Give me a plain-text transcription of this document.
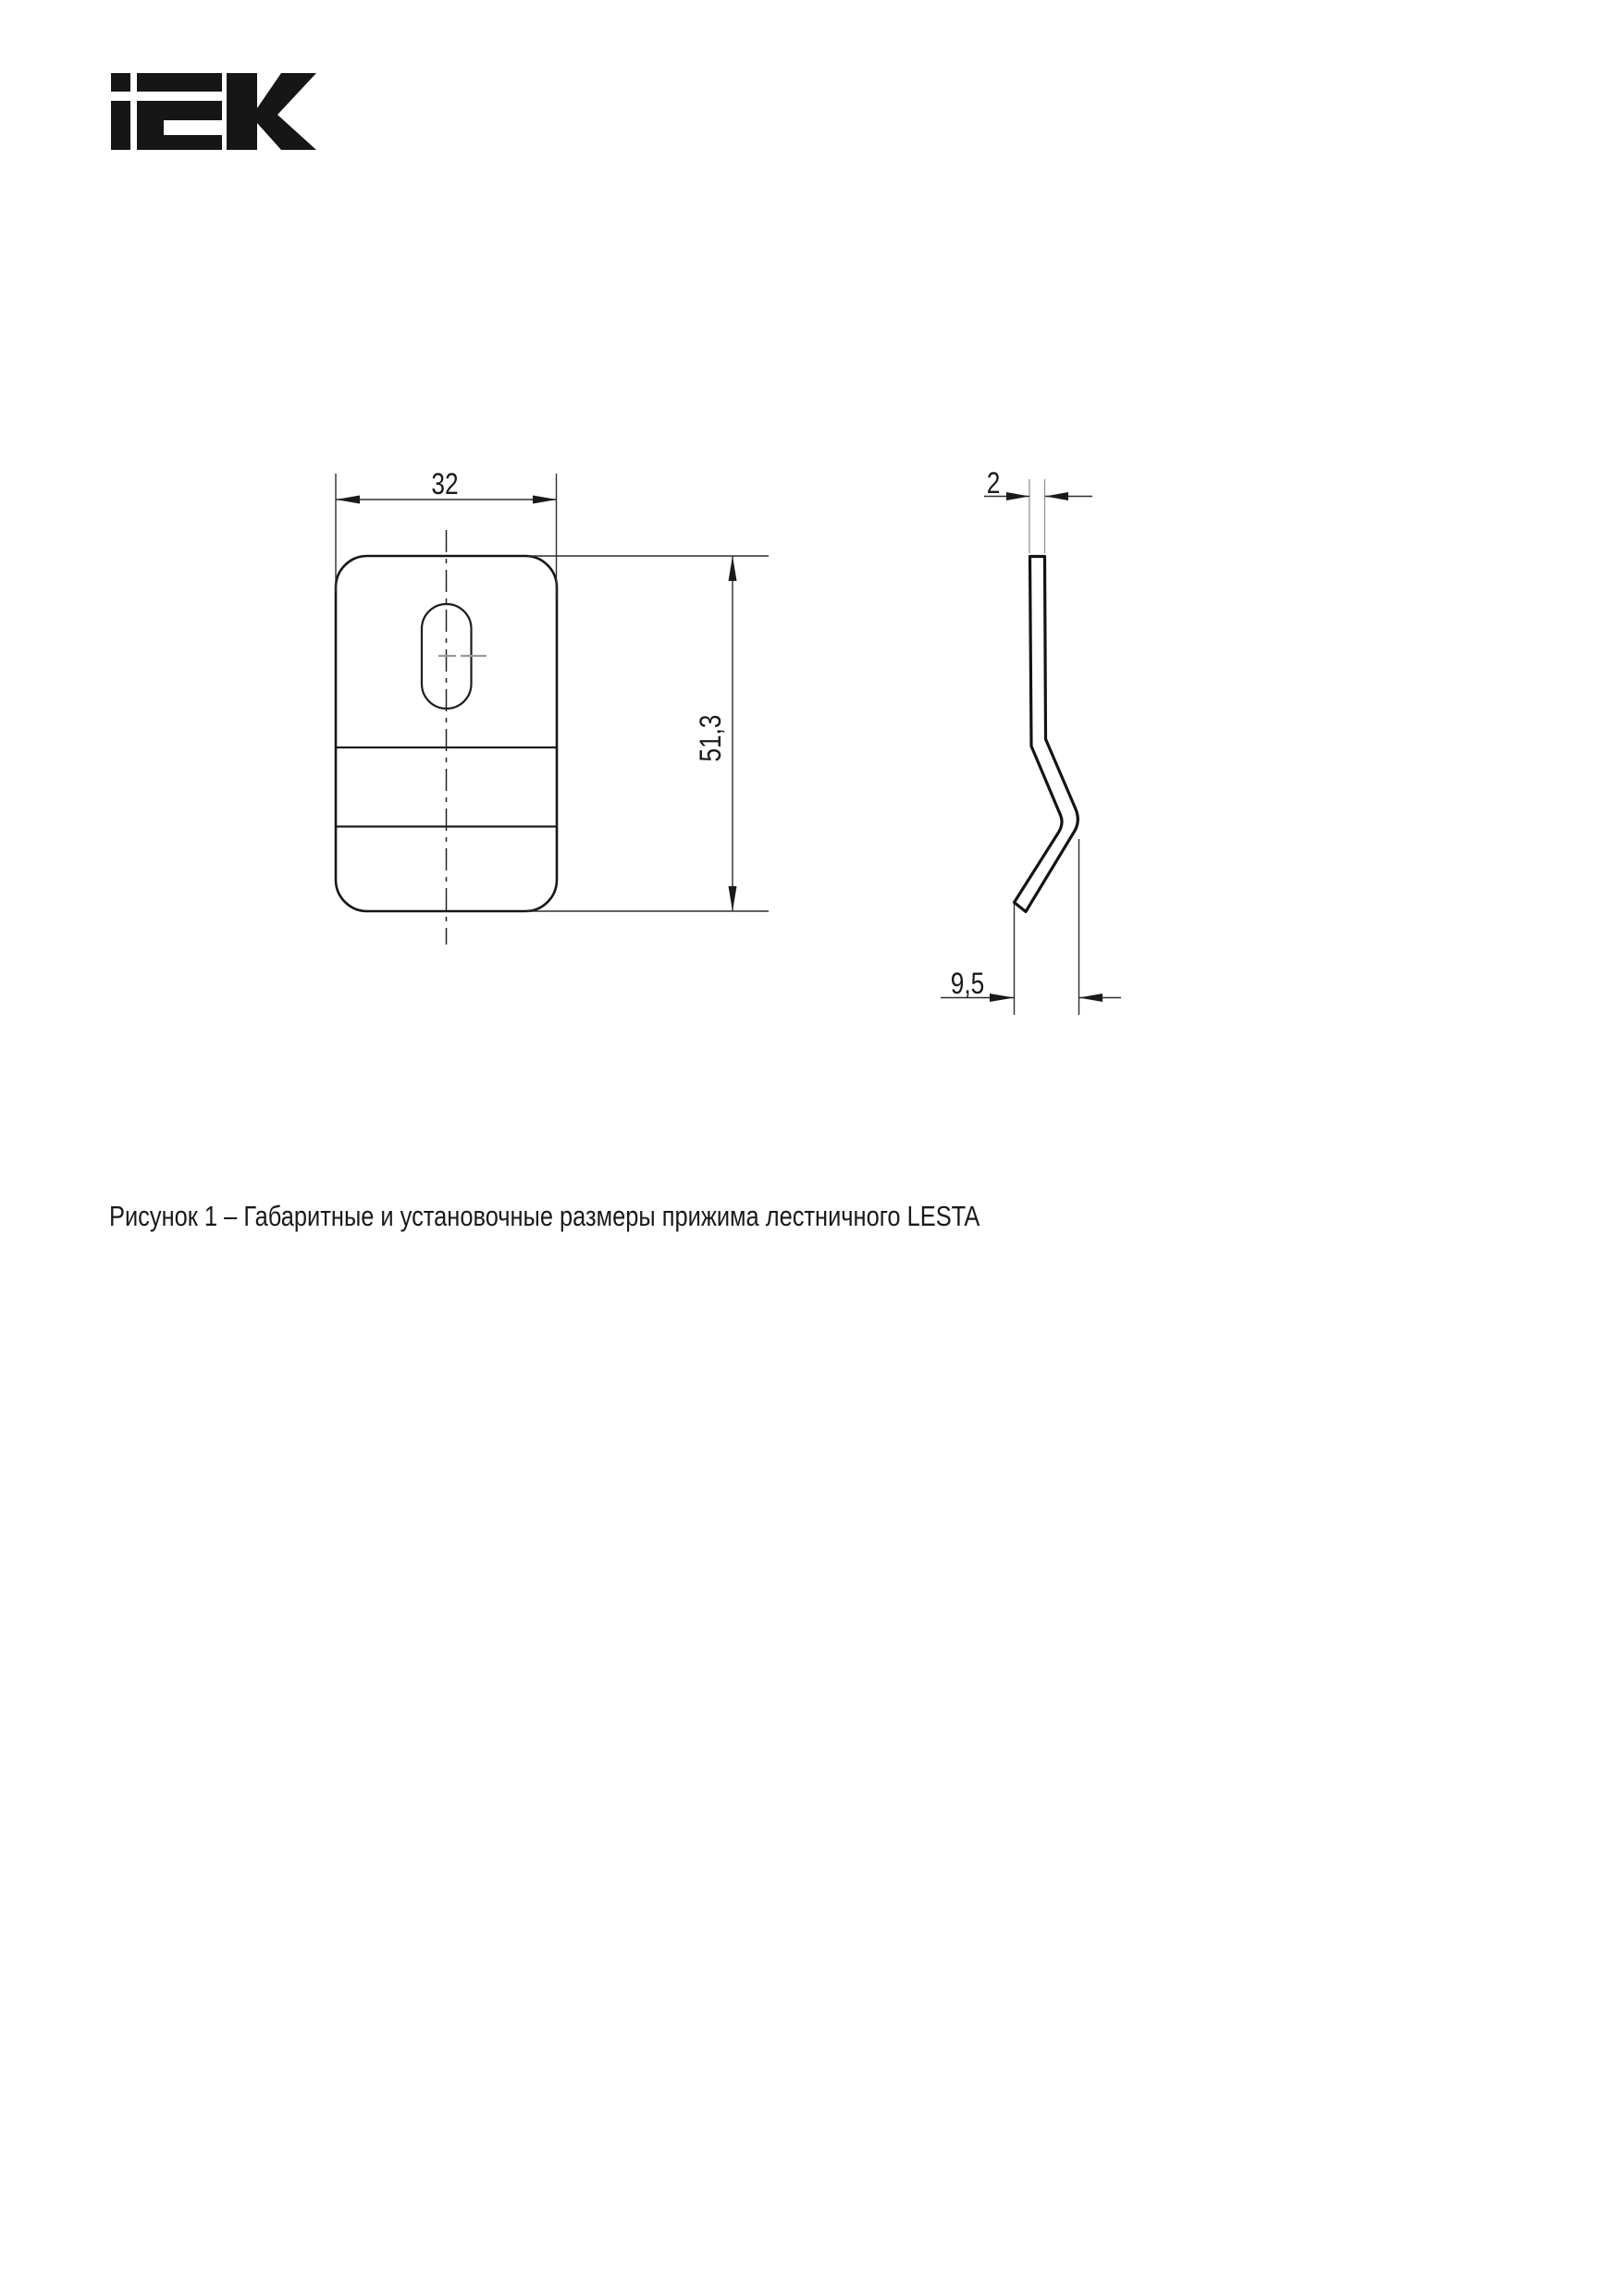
32
51,3
2
9,5
Рисунок 1 – Габаритные и установочные размеры прижима лестничного LESTA
